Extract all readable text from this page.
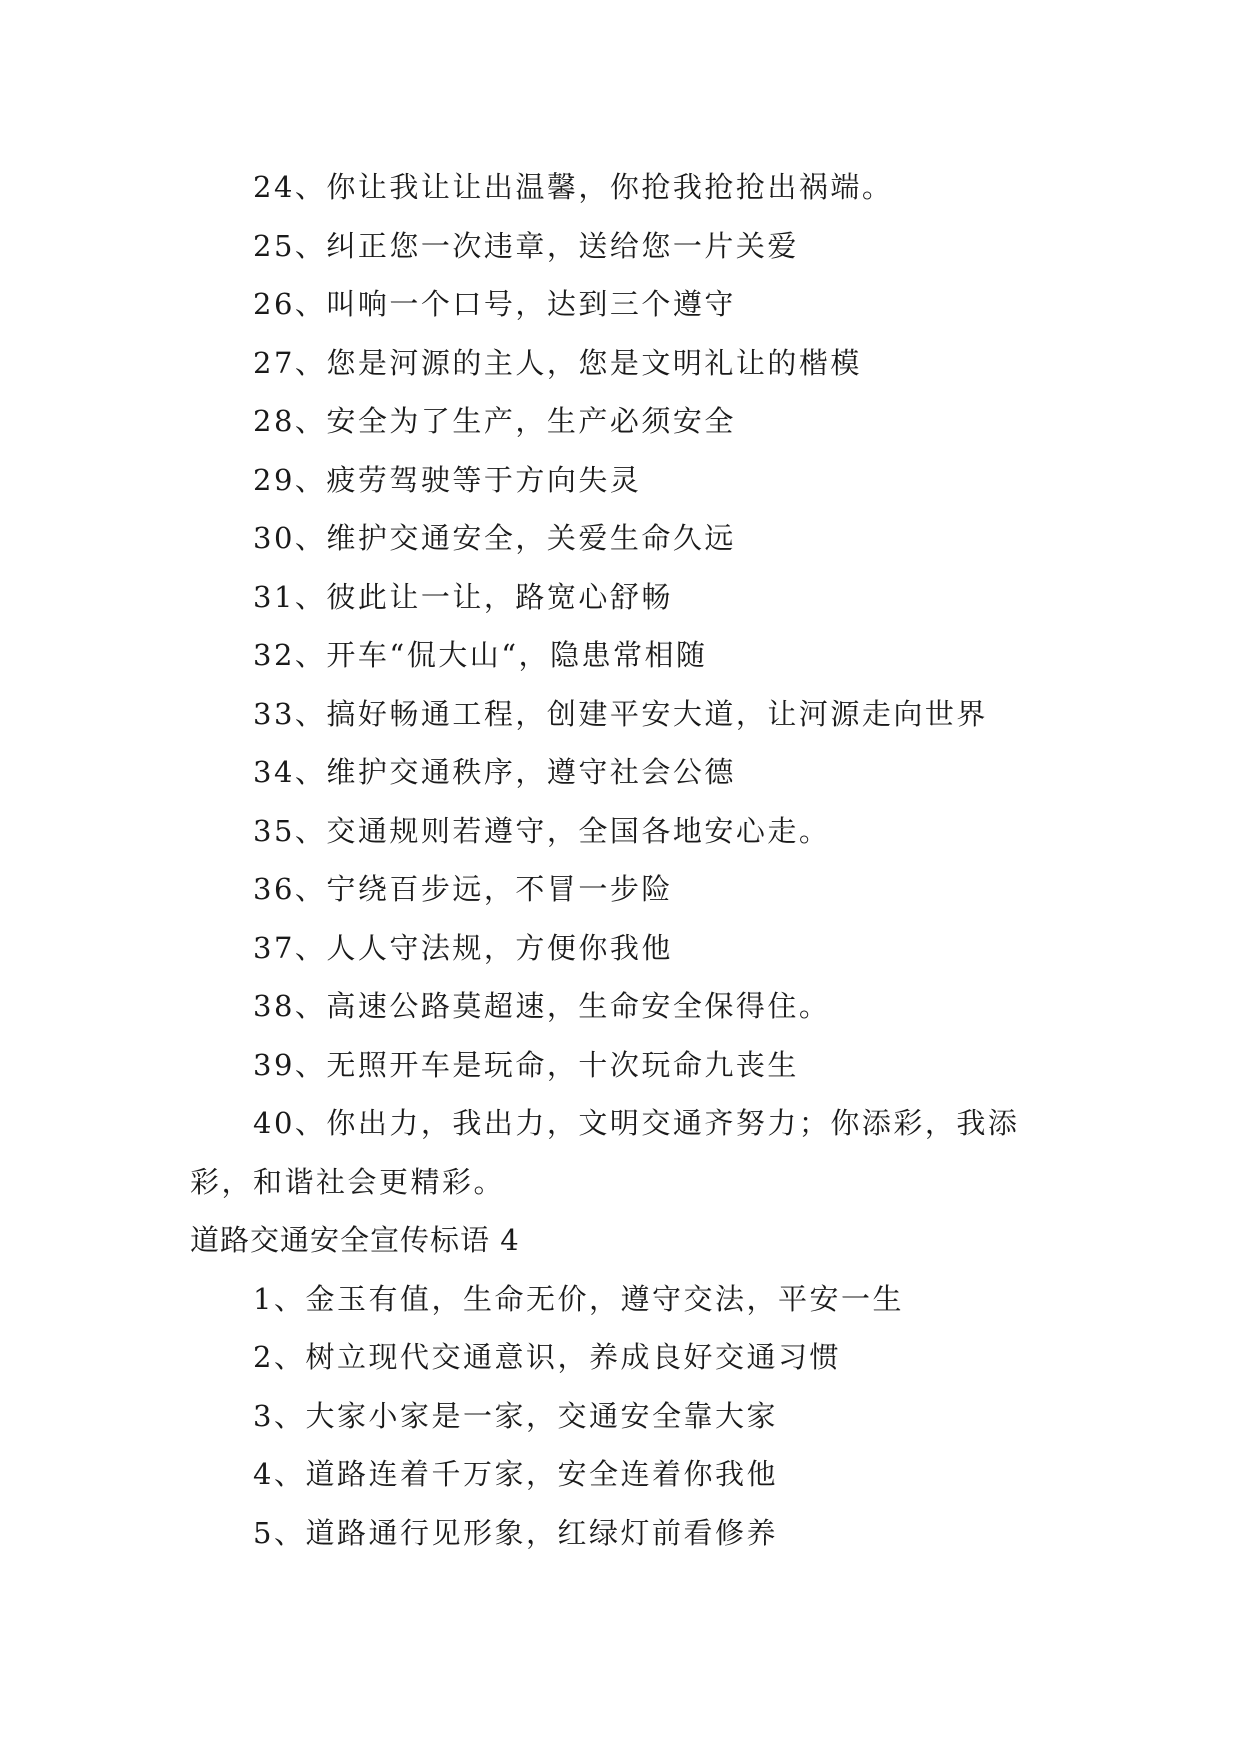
24、你让我让让出温馨，你抢我抢抢出祸端。
25、纠正您一次违章，送给您一片关爱
26、叫响一个口号，达到三个遵守
27、您是河源的主人，您是文明礼让的楷模
28、安全为了生产，生产必须安全
29、疲劳驾驶等于方向失灵
30、维护交通安全，关爱生命久远
31、彼此让一让，路宽心舒畅
32、开车“侃大山“，隐患常相随
33、搞好畅通工程，创建平安大道，让河源走向世界
34、维护交通秩序，遵守社会公德
35、交通规则若遵守，全国各地安心走。
36、宁绕百步远，不冒一步险
37、人人守法规，方便你我他
38、高速公路莫超速，生命安全保得住。
39、无照开车是玩命，十次玩命九丧生
40、你出力，我出力，文明交通齐努力；你添彩，我添彩，和谐社会更精彩。
道路交通安全宣传标语 4
1、金玉有值，生命无价，遵守交法，平安一生
2、树立现代交通意识，养成良好交通习惯
3、大家小家是一家，交通安全靠大家
4、道路连着千万家，安全连着你我他
5、道路通行见形象，红绿灯前看修养
